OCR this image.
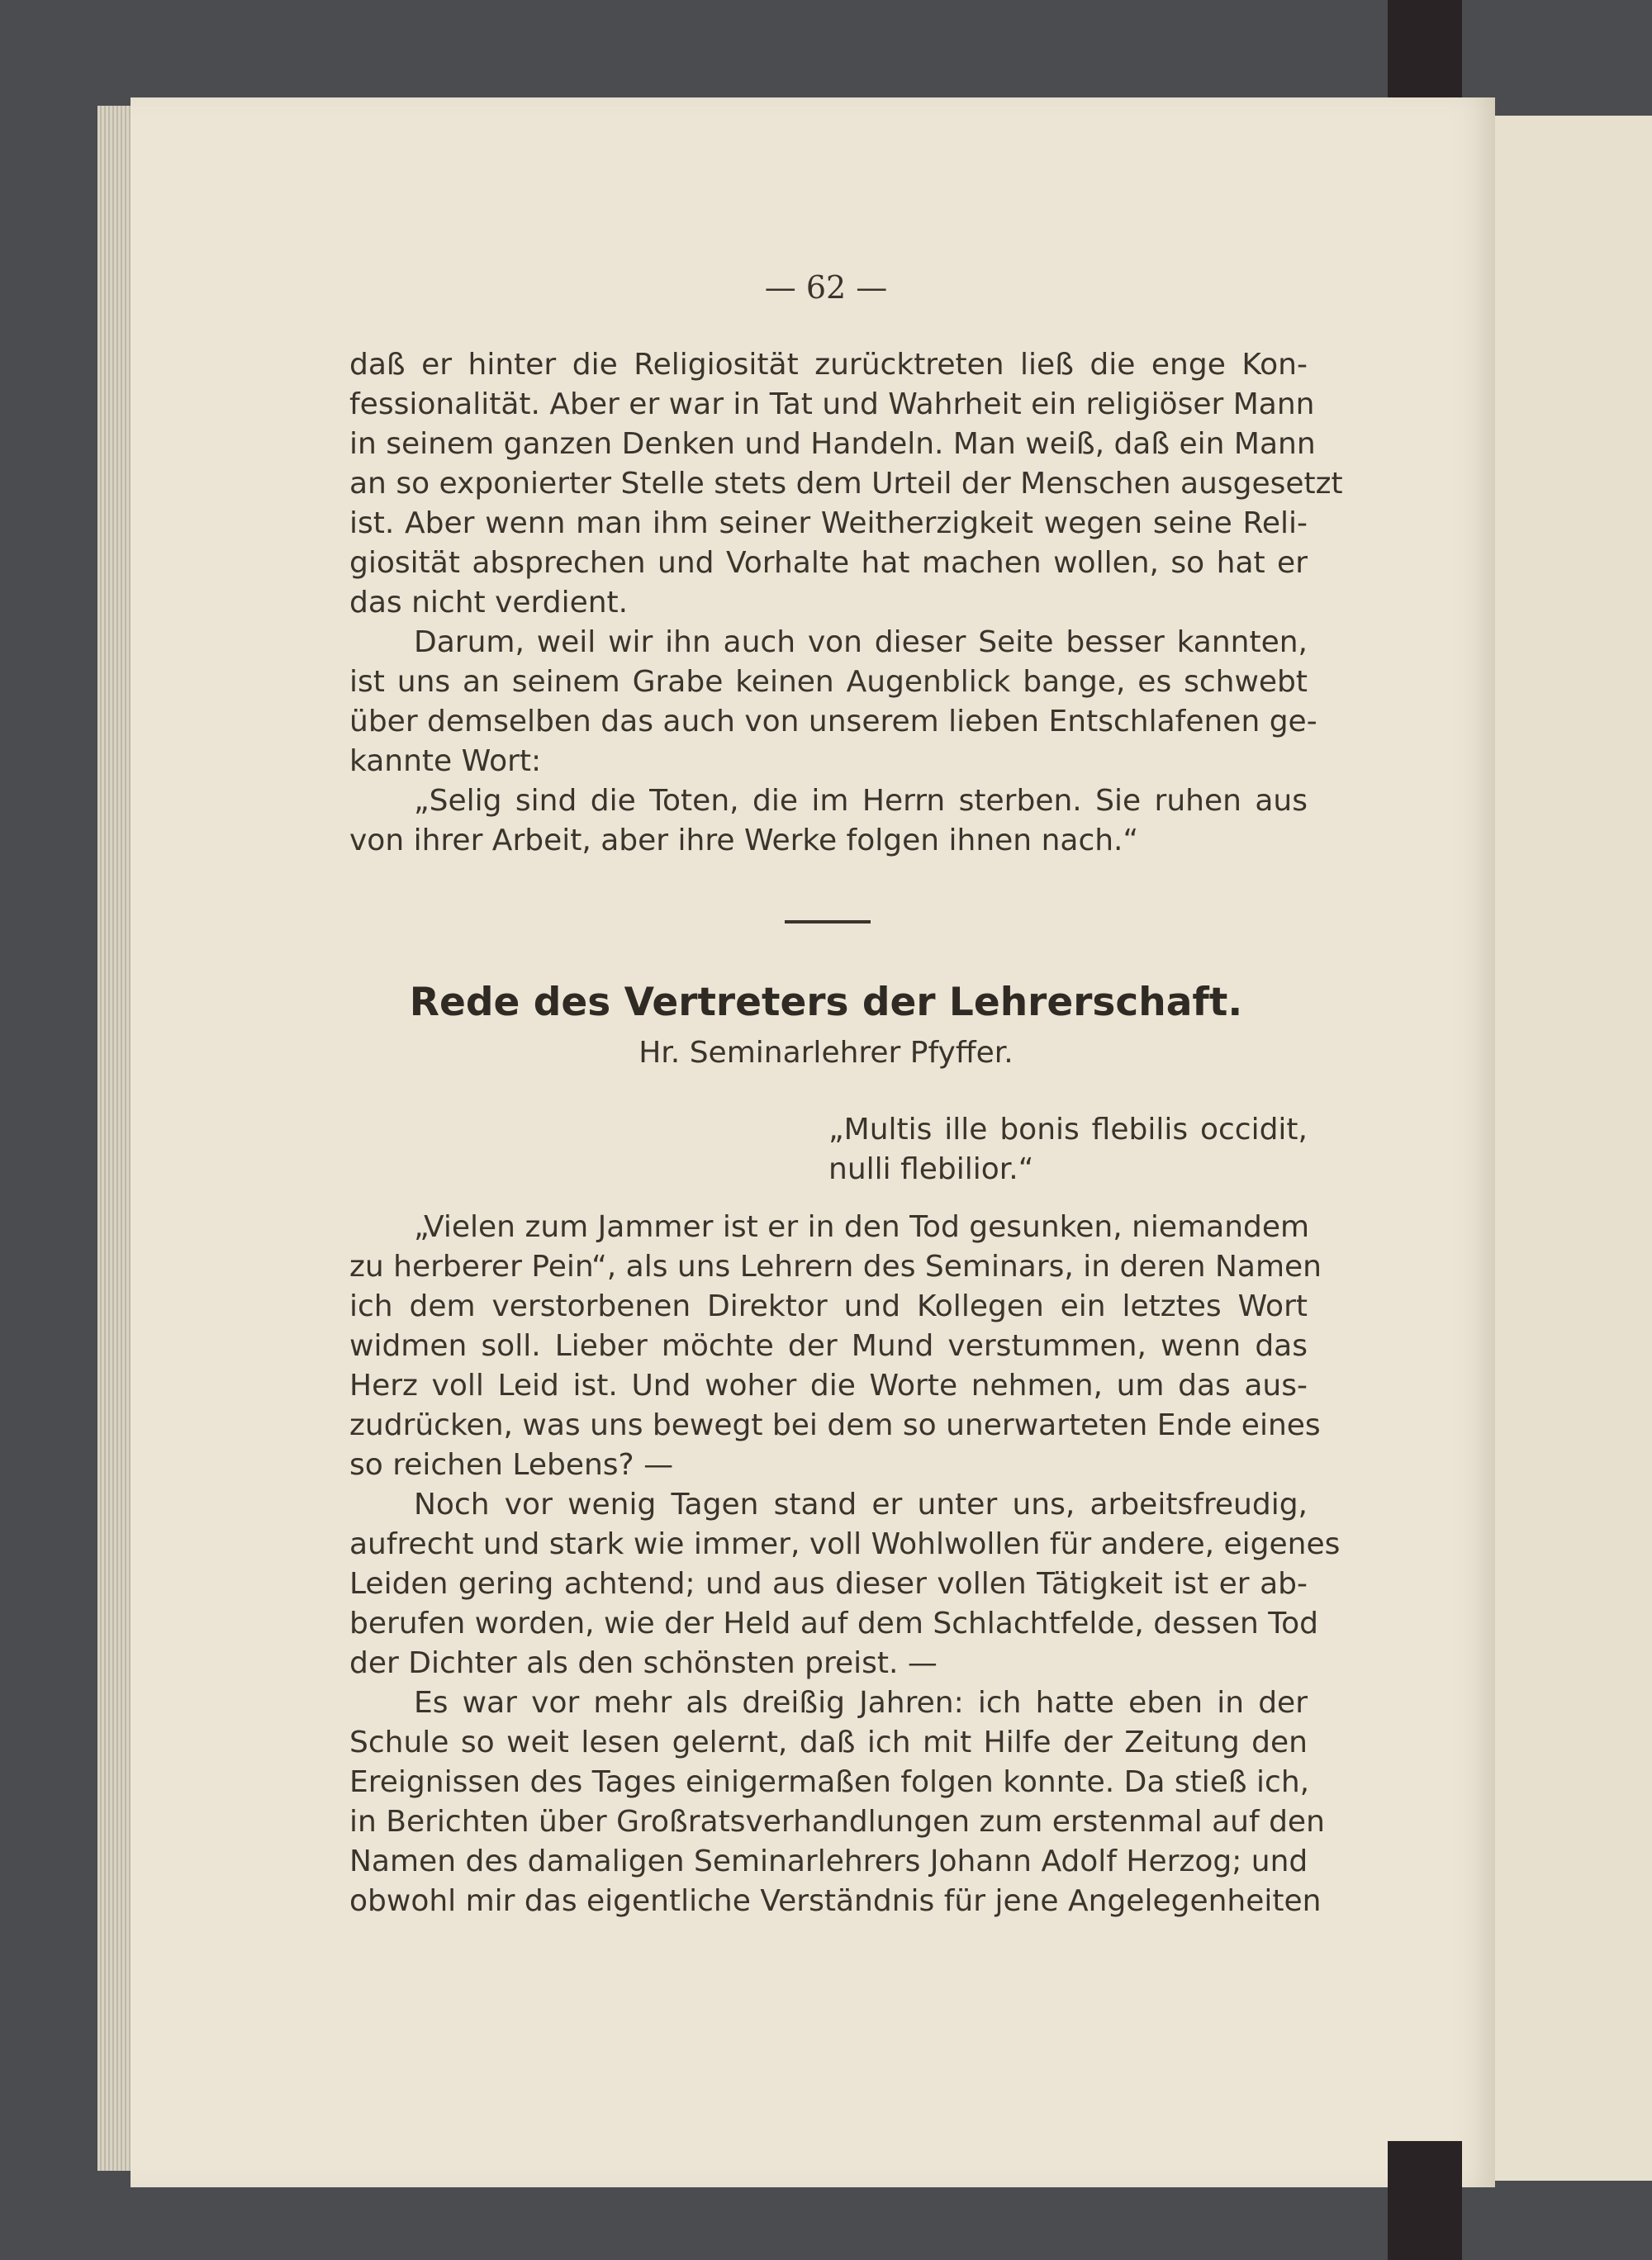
— 62 —
daß er hinter die Religiosität zurücktreten ließ die enge Kon-
fessionalität. Aber er war in Tat und Wahrheit ein religiöser Mann
in seinem ganzen Denken und Handeln. Man weiß, daß ein Mann
an so exponierter Stelle stets dem Urteil der Menschen ausgesetzt
ist. Aber wenn man ihm seiner Weitherzigkeit wegen seine Reli-
giosität absprechen und Vorhalte hat machen wollen, so hat er
das nicht verdient.
Darum, weil wir ihn auch von dieser Seite besser kannten,
ist uns an seinem Grabe keinen Augenblick bange, es schwebt
über demselben das auch von unserem lieben Entschlafenen ge-
kannte Wort:
„Selig sind die Toten, die im Herrn sterben. Sie ruhen aus
von ihrer Arbeit, aber ihre Werke folgen ihnen nach.“
Rede des Vertreters der Lehrerschaft.
Hr. Seminarlehrer Pfyffer.
„Multis ille bonis flebilis occidit,
nulli flebilior.“
„Vielen zum Jammer ist er in den Tod gesunken, niemandem
zu herberer Pein“, als uns Lehrern des Seminars, in deren Namen
ich dem verstorbenen Direktor und Kollegen ein letztes Wort
widmen soll. Lieber möchte der Mund verstummen, wenn das
Herz voll Leid ist. Und woher die Worte nehmen, um das aus-
zudrücken, was uns bewegt bei dem so unerwarteten Ende eines
so reichen Lebens? —
Noch vor wenig Tagen stand er unter uns, arbeitsfreudig,
aufrecht und stark wie immer, voll Wohlwollen für andere, eigenes
Leiden gering achtend; und aus dieser vollen Tätigkeit ist er ab-
berufen worden, wie der Held auf dem Schlachtfelde, dessen Tod
der Dichter als den schönsten preist. —
Es war vor mehr als dreißig Jahren: ich hatte eben in der
Schule so weit lesen gelernt, daß ich mit Hilfe der Zeitung den
Ereignissen des Tages einigermaßen folgen konnte. Da stieß ich,
in Berichten über Großratsverhandlungen zum erstenmal auf den
Namen des damaligen Seminarlehrers Johann Adolf Herzog; und
obwohl mir das eigentliche Verständnis für jene Angelegenheiten
